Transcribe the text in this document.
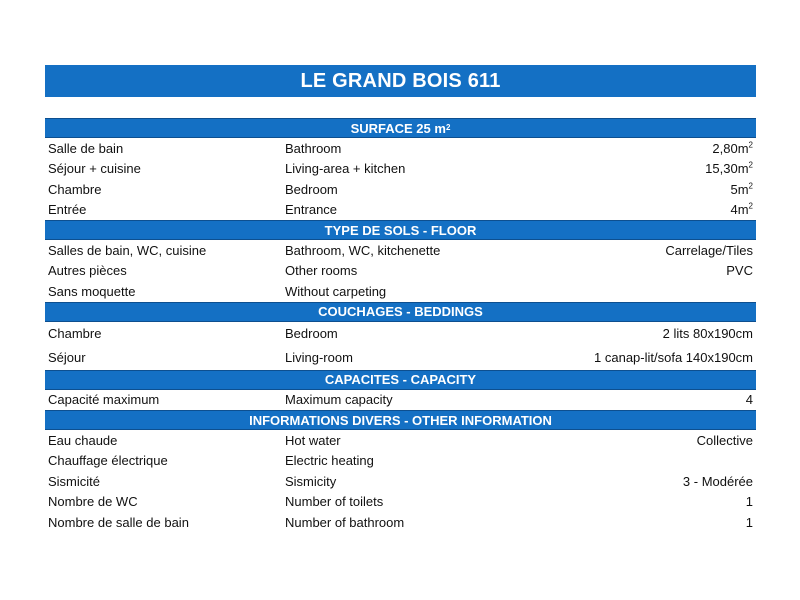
LE GRAND BOIS 611
SURFACE 25 m 2
Salle de bain	Bathroom	$2,80m^2$
Séjour + cuisine	Living-area + kitchen	$15,30m^2$
Chambre	Bedroom	$5m^2$
Entrée	Entrance	$4m^2$
TYPE DE SOLS - FLOOR
Salles de bain, WC, cuisine	Bathroom, WC, kitchenette	Carrelage/Tiles
Autres pièces	Other rooms	PVC
Sans moquette	Without carpeting
COUCHAGES - BEDDINGS
Chambre	Bedroom	2 lits 80x190cm
Séjour	Living-room	1 canap-lit/sofa 140x190cm
CAPACITES - CAPACITY
Capacité maximum	Maximum capacity	4
INFORMATIONS DIVERS - OTHER INFORMATION
Eau chaude	Hot water	Collective
Chauffage électrique	Electric heating
Sismicité	Sismicity	3 - Modérée
Nombre de WC	Number of toilets	1
Nombre de salle de bain	Number of bathroom	1
